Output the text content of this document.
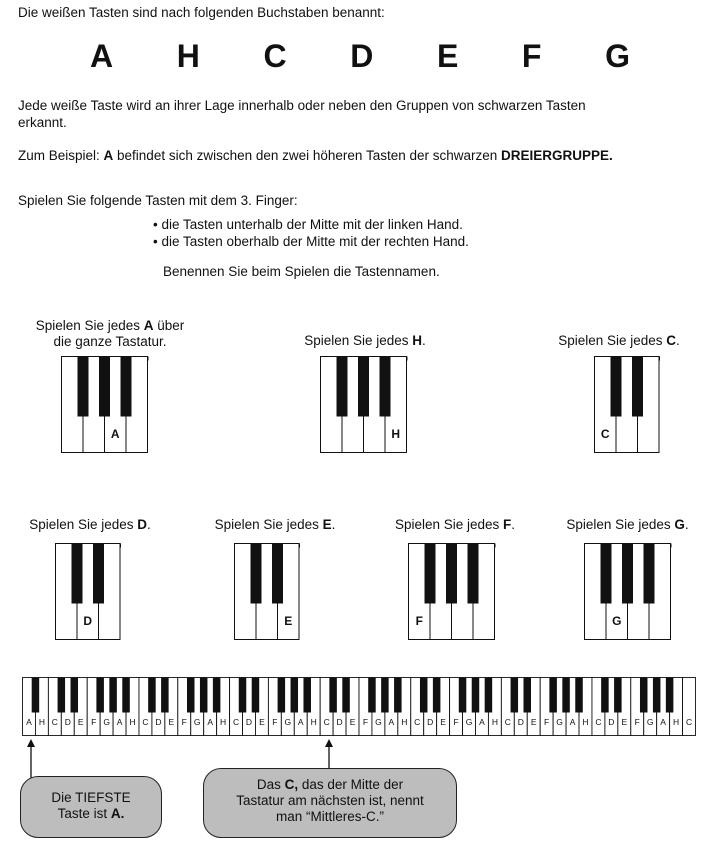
Die weißen Tasten sind nach folgenden Buchstaben benannt:
A H C D E F G
Jede weiße Taste wird an ihrer Lage innerhalb oder neben den Gruppen von schwarzen Tasten erkannt.
Zum Beispiel: A befindet sich zwischen den zwei höheren Tasten der schwarzen DREIERGRUPPE.
Spielen Sie folgende Tasten mit dem 3. Finger:
• die Tasten unterhalb der Mitte mit der linken Hand.
• die Tasten oberhalb der Mitte mit der rechten Hand.
Benennen Sie beim Spielen die Tastennamen.
Spielen Sie jedes A über
die ganze Tastatur.
A
Spielen Sie jedes H.
H
Spielen Sie jedes C.
C
Spielen Sie jedes D.
D
Spielen Sie jedes E.
E
Spielen Sie jedes F.
F
Spielen Sie jedes G.
G
A H C D E F G A H C D E F G A H C D E F G A H C D E F G A H C D E F G A H C D E F G A H C D E F G A H C
Die TIEFSTE
Taste ist A.
Das C, das der Mitte der
Tastatur am nächsten ist, nennt
man “Mittleres-C.”
